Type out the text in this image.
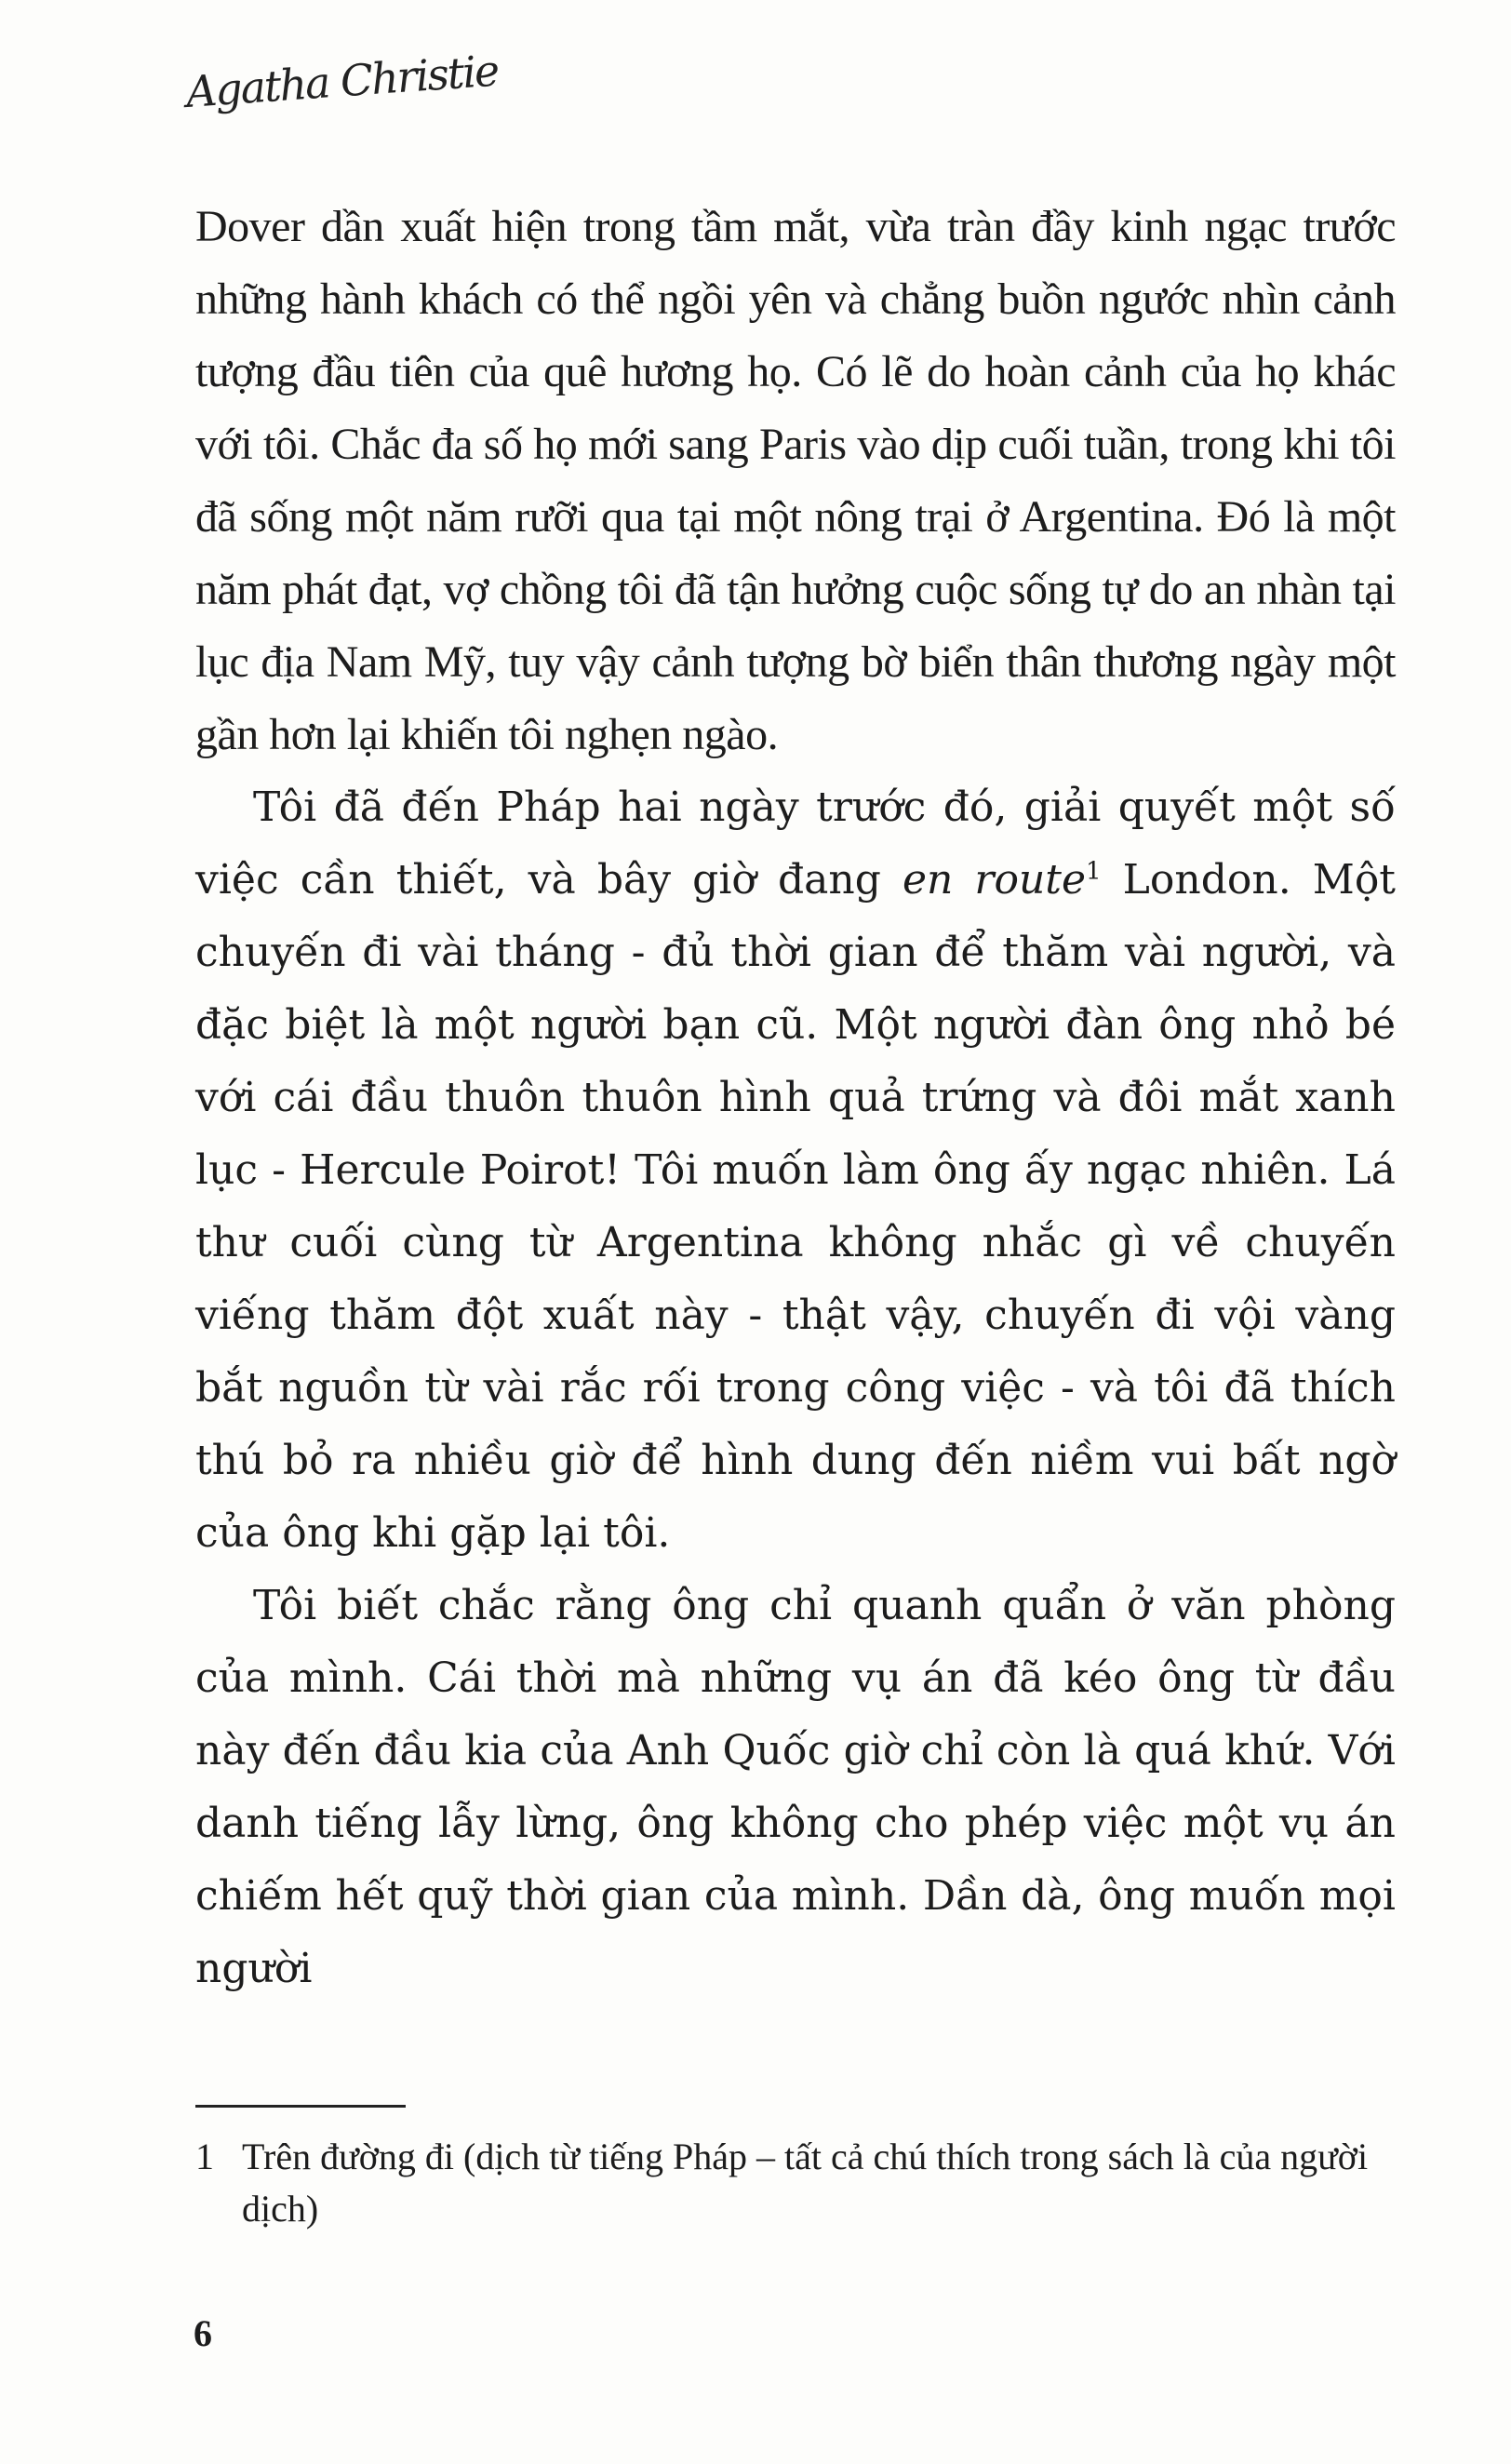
Agatha Christie

Dover dần xuất hiện trong tầm mắt, vừa tràn đầy kinh ngạc trước những hành khách có thể ngồi yên và chẳng buồn ngước nhìn cảnh tượng đầu tiên của quê hương họ. Có lẽ do hoàn cảnh của họ khác với tôi. Chắc đa số họ mới sang Paris vào dịp cuối tuần, trong khi tôi đã sống một năm rưỡi qua tại một nông trại ở Argentina. Đó là một năm phát đạt, vợ chồng tôi đã tận hưởng cuộc sống tự do an nhàn tại lục địa Nam Mỹ, tuy vậy cảnh tượng bờ biển thân thương ngày một gần hơn lại khiến tôi nghẹn ngào.

Tôi đã đến Pháp hai ngày trước đó, giải quyết một số việc cần thiết, và bây giờ đang en route$^1$ London. Một chuyến đi vài tháng - đủ thời gian để thăm vài người, và đặc biệt là một người bạn cũ. Một người đàn ông nhỏ bé với cái đầu thuôn thuôn hình quả trứng và đôi mắt xanh lục - Hercule Poirot! Tôi muốn làm ông ấy ngạc nhiên. Lá thư cuối cùng từ Argentina không nhắc gì về chuyến viếng thăm đột xuất này - thật vậy, chuyến đi vội vàng bắt nguồn từ vài rắc rối trong công việc - và tôi đã thích thú bỏ ra nhiều giờ để hình dung đến niềm vui bất ngờ của ông khi gặp lại tôi.

Tôi biết chắc rằng ông chỉ quanh quẩn ở văn phòng của mình. Cái thời mà những vụ án đã kéo ông từ đầu này đến đầu kia của Anh Quốc giờ chỉ còn là quá khứ. Với danh tiếng lẫy lừng, ông không cho phép việc một vụ án chiếm hết quỹ thời gian của mình. Dần dà, ông muốn mọi người

1 Trên đường đi (dịch từ tiếng Pháp – tất cả chú thích trong sách là của người dịch)
6
